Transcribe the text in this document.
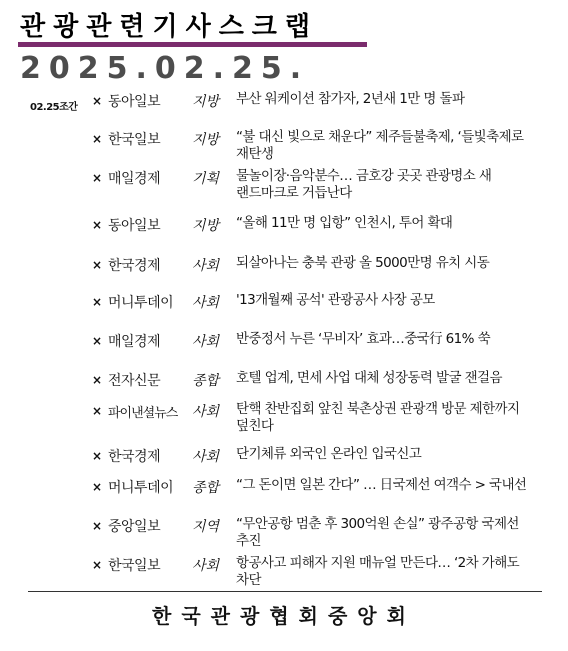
관광관련기사스크랩
2025.02.25.
02.25조간 × 동아일보 지방 부산 워케이션 참가자, 2년새 1만 명 돌파
× 한국일보 지방 “불 대신 빛으로 채운다” 제주들불축제, ‘들빛축제로 재탄생
× 매일경제 기획 물놀이장·음악분수… 금호강 곳곳 관광명소 새 랜드마크로 거듭난다
× 동아일보 지방 “올해 11만 명 입항” 인천시, 투어 확대
× 한국경제 사회 되살아나는 충북 관광 올 5000만명 유치 시동
× 머니투데이 사회 '13개월째 공석' 관광공사 사장 공모
× 매일경제 사회 반중정서 누른 ‘무비자’ 효과…중국行 61% 쑥
× 전자신문 종합 호텔 업계, 면세 사업 대체 성장동력 발굴 잰걸음
× 파이낸셜뉴스 사회 탄핵 찬반집회 앞친 북촌상권 관광객 방문 제한까지 덮친다
× 한국경제 사회 단기체류 외국인 온라인 입국신고
× 머니투데이 종합 “그 돈이면 일본 간다” … 日국제선 여객수 > 국내선
× 중앙일보 지역 “무안공항 멈춘 후 300억원 손실” 광주공항 국제선 추진
× 한국일보 사회 항공사고 피해자 지원 매뉴얼 만든다… ‘2차 가해도 차단
한국관광협회중앙회
